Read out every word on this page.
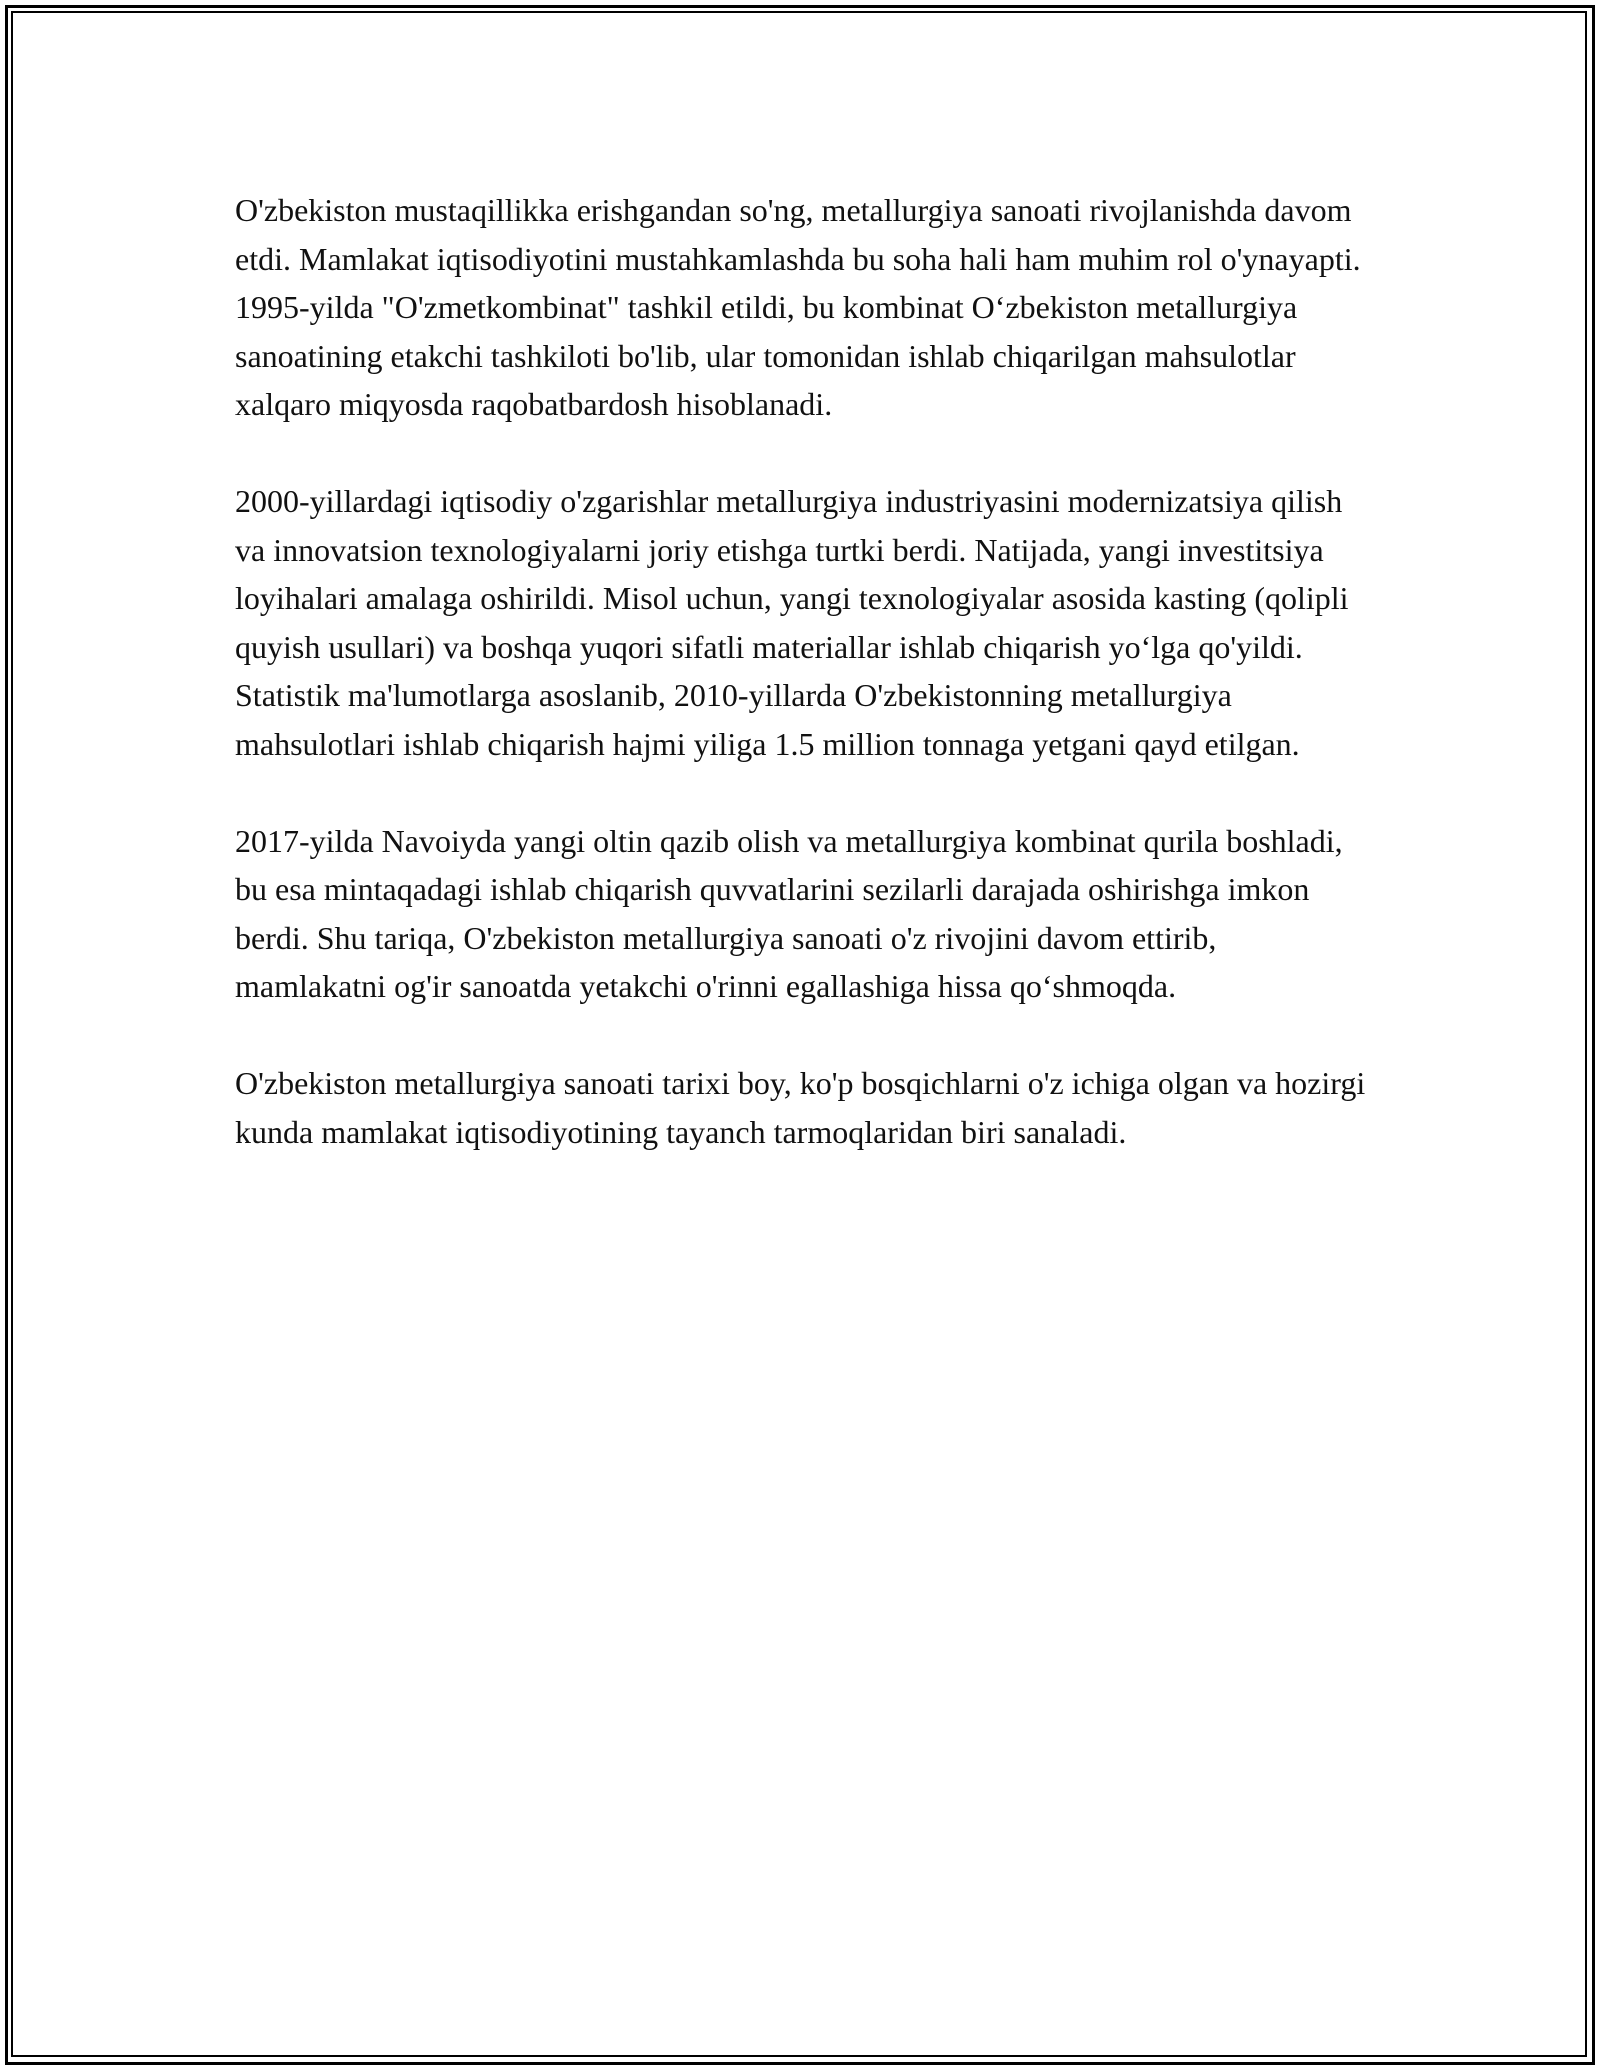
O'zbekiston mustaqillikka erishgandan so'ng, metallurgiya sanoati rivojlanishda davom etdi. Mamlakat iqtisodiyotini mustahkamlashda bu soha hali ham muhim rol o'ynayapti. 1995-yilda "O'zmetkombinat" tashkil etildi, bu kombinat O‘zbekiston metallurgiya sanoatining etakchi tashkiloti bo'lib, ular tomonidan ishlab chiqarilgan mahsulotlar xalqaro miqyosda raqobatbardosh hisoblanadi.

2000-yillardagi iqtisodiy o'zgarishlar metallurgiya industriyasini modernizatsiya qilish va innovatsion texnologiyalarni joriy etishga turtki berdi. Natijada, yangi investitsiya loyihalari amalaga oshirildi. Misol uchun, yangi texnologiyalar asosida kasting (qolipli quyish usullari) va boshqa yuqori sifatli materiallar ishlab chiqarish yo‘lga qo'yildi. Statistik ma'lumotlarga asoslanib, 2010-yillarda O'zbekistonning metallurgiya mahsulotlari ishlab chiqarish hajmi yiliga 1.5 million tonnaga yetgani qayd etilgan.

2017-yilda Navoiyda yangi oltin qazib olish va metallurgiya kombinat qurila boshladi, bu esa mintaqadagi ishlab chiqarish quvvatlarini sezilarli darajada oshirishga imkon berdi. Shu tariqa, O'zbekiston metallurgiya sanoati o'z rivojini davom ettirib, mamlakatni og'ir sanoatda yetakchi o'rinni egallashiga hissa qo‘shmoqda.

O'zbekiston metallurgiya sanoati tarixi boy, ko'p bosqichlarni o'z ichiga olgan va hozirgi kunda mamlakat iqtisodiyotining tayanch tarmoqlaridan biri sanaladi.
